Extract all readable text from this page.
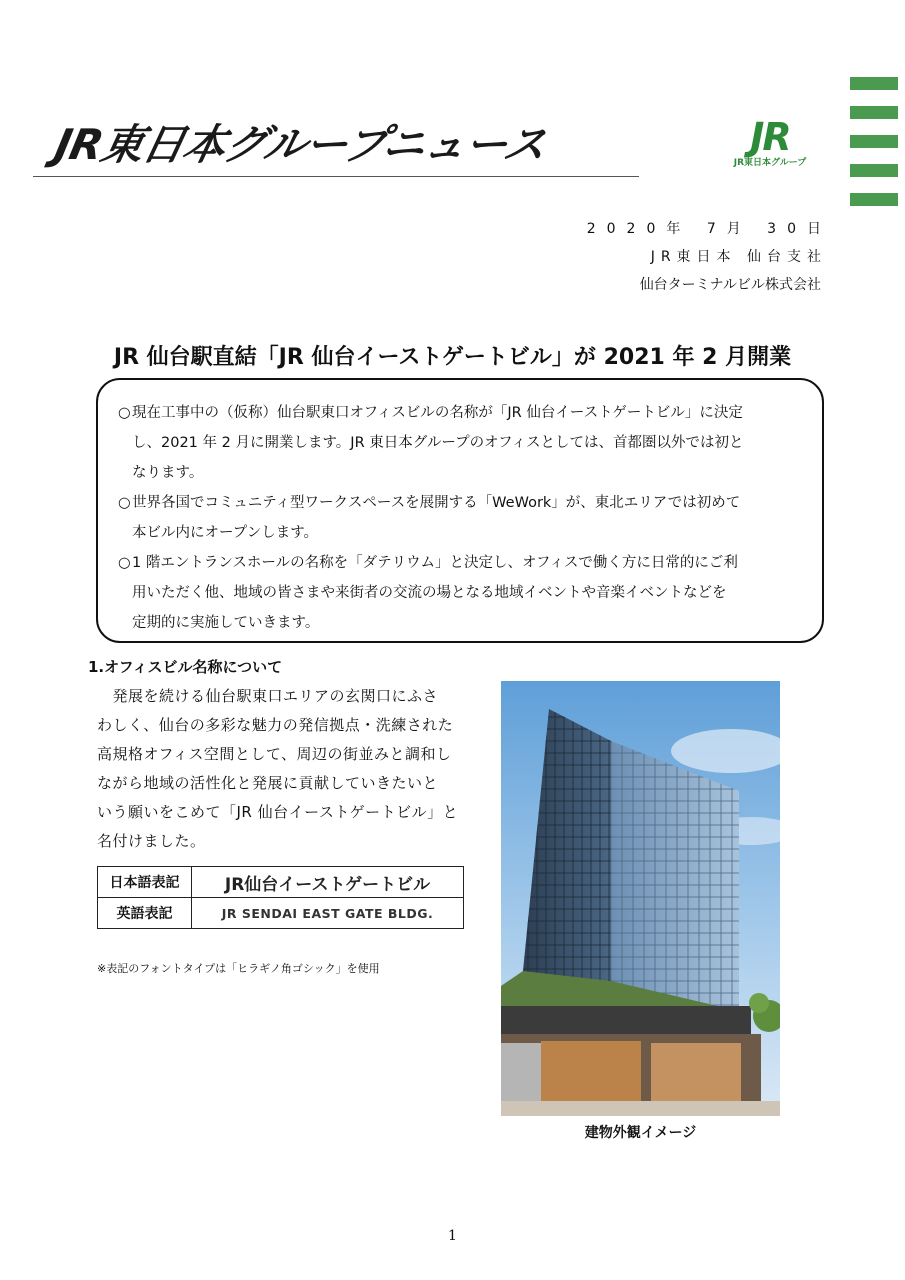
JR東日本グループニュース	JR
JR東日本グループ
2020年 7月 30日
JR東日本 仙台支社
仙台ターミナルビル株式会社
JR 仙台駅直結「JR 仙台イーストゲートビル」が 2021 年 2 月開業
○現在工事中の（仮称）仙台駅東口オフィスビルの名称が「JR 仙台イーストゲートビル」に決定
し、2021 年 2 月に開業します。JR 東日本グループのオフィスとしては、首都圏以外では初と
なります。
○世界各国でコミュニティ型ワークスペースを展開する「WeWork」が、東北エリアでは初めて
本ビル内にオープンします。
○1 階エントランスホールの名称を「ダテリウム」と決定し、オフィスで働く方に日常的にご利
用いただく他、地域の皆さまや来街者の交流の場となる地域イベントや音楽イベントなどを
定期的に実施していきます。
1.オフィスビル名称について
　発展を続ける仙台駅東口エリアの玄関口にふさ
わしく、仙台の多彩な魅力の発信拠点・洗練された
高規格オフィス空間として、周辺の街並みと調和し
ながら地域の活性化と発展に貢献していきたいと
いう願いをこめて「JR 仙台イーストゲートビル」と
名付けました。
日本語表記	JR仙台イーストゲートビル
英語表記	JR SENDAI EAST GATE BLDG.
※表記のフォントタイプは「ヒラギノ角ゴシック」を使用
建物外観イメージ
1
